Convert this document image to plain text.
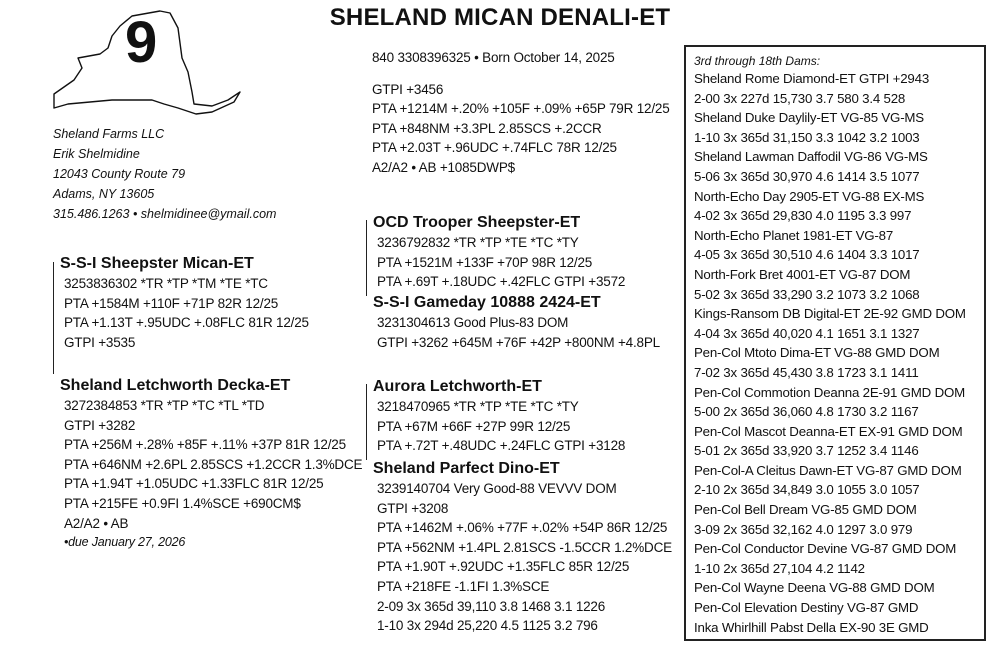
9	SHELAND MICAN DENALI-ET
Sheland Farms LLC
Erik Shelmidine
12043 County Route 79
Adams, NY 13605
315.486.1263 • shelmidinee@ymail.com
840 3308396325 • Born October 14, 2025
GTPI +3456
PTA +1214M +.20% +105F +.09% +65P 79R 12/25
PTA +848NM +3.3PL 2.85SCS +.2CCR
PTA +2.03T +.96UDC +.74FLC 78R 12/25
A2/A2 • AB +1085DWP$
S-S-I Sheepster Mican-ET
3253836302 *TR *TP *TM *TE *TC
PTA +1584M +110F +71P 82R 12/25
PTA +1.13T +.95UDC +.08FLC 81R 12/25
GTPI +3535
Sheland Letchworth Decka-ET
3272384853 *TR *TP *TC *TL *TD
GTPI +3282
PTA +256M +.28% +85F +.11% +37P 81R 12/25
PTA +646NM +2.6PL 2.85SCS +1.2CCR 1.3%DCE
PTA +1.94T +1.05UDC +1.33FLC 81R 12/25
PTA +215FE +0.9FI 1.4%SCE +690CM$
A2/A2 • AB
•due January 27, 2026
OCD Trooper Sheepster-ET
3236792832 *TR *TP *TE *TC *TY
PTA +1521M +133F +70P 98R 12/25
PTA +.69T +.18UDC +.42FLC GTPI +3572
S-S-I Gameday 10888 2424-ET
3231304613 Good Plus-83 DOM
GTPI +3262 +645M +76F +42P +800NM +4.8PL
Aurora Letchworth-ET
3218470965 *TR *TP *TE *TC *TY
PTA +67M +66F +27P 99R 12/25
PTA +.72T +.48UDC +.24FLC GTPI +3128
Sheland Parfect Dino-ET
3239140704 Very Good-88 VEVVV DOM
GTPI +3208
PTA +1462M +.06% +77F +.02% +54P 86R 12/25
PTA +562NM +1.4PL 2.81SCS -1.5CCR 1.2%DCE
PTA +1.90T +.92UDC +1.35FLC 85R 12/25
PTA +218FE -1.1FI 1.3%SCE
2-09 3x 365d 39,110 3.8 1468 3.1 1226
1-10 3x 294d 25,220 4.5 1125 3.2 796
3rd through 18th Dams:
Sheland Rome Diamond-ET GTPI +2943
2-00 3x 227d 15,730 3.7 580 3.4 528
Sheland Duke Daylily-ET VG-85 VG-MS
1-10 3x 365d 31,150 3.3 1042 3.2 1003
Sheland Lawman Daffodil VG-86 VG-MS
5-06 3x 365d 30,970 4.6 1414 3.5 1077
North-Echo Day 2905-ET VG-88 EX-MS
4-02 3x 365d 29,830 4.0 1195 3.3 997
North-Echo Planet 1981-ET VG-87
4-05 3x 365d 30,510 4.6 1404 3.3 1017
North-Fork Bret 4001-ET VG-87 DOM
5-02 3x 365d 33,290 3.2 1073 3.2 1068
Kings-Ransom DB Digital-ET 2E-92 GMD DOM
4-04 3x 365d 40,020 4.1 1651 3.1 1327
Pen-Col Mtoto Dima-ET VG-88 GMD DOM
7-02 3x 365d 45,430 3.8 1723 3.1 1411
Pen-Col Commotion Deanna 2E-91 GMD DOM
5-00 2x 365d 36,060 4.8 1730 3.2 1167
Pen-Col Mascot Deanna-ET EX-91 GMD DOM
5-01 2x 365d 33,920 3.7 1252 3.4 1146
Pen-Col-A Cleitus Dawn-ET VG-87 GMD DOM
2-10 2x 365d 34,849 3.0 1055 3.0 1057
Pen-Col Bell Dream VG-85 GMD DOM
3-09 2x 365d 32,162 4.0 1297 3.0 979
Pen-Col Conductor Devine VG-87 GMD DOM
1-10 2x 365d 27,104 4.2 1142
Pen-Col Wayne Deena VG-88 GMD DOM
Pen-Col Elevation Destiny VG-87 GMD
Inka Whirlhill Pabst Della EX-90 3E GMD
